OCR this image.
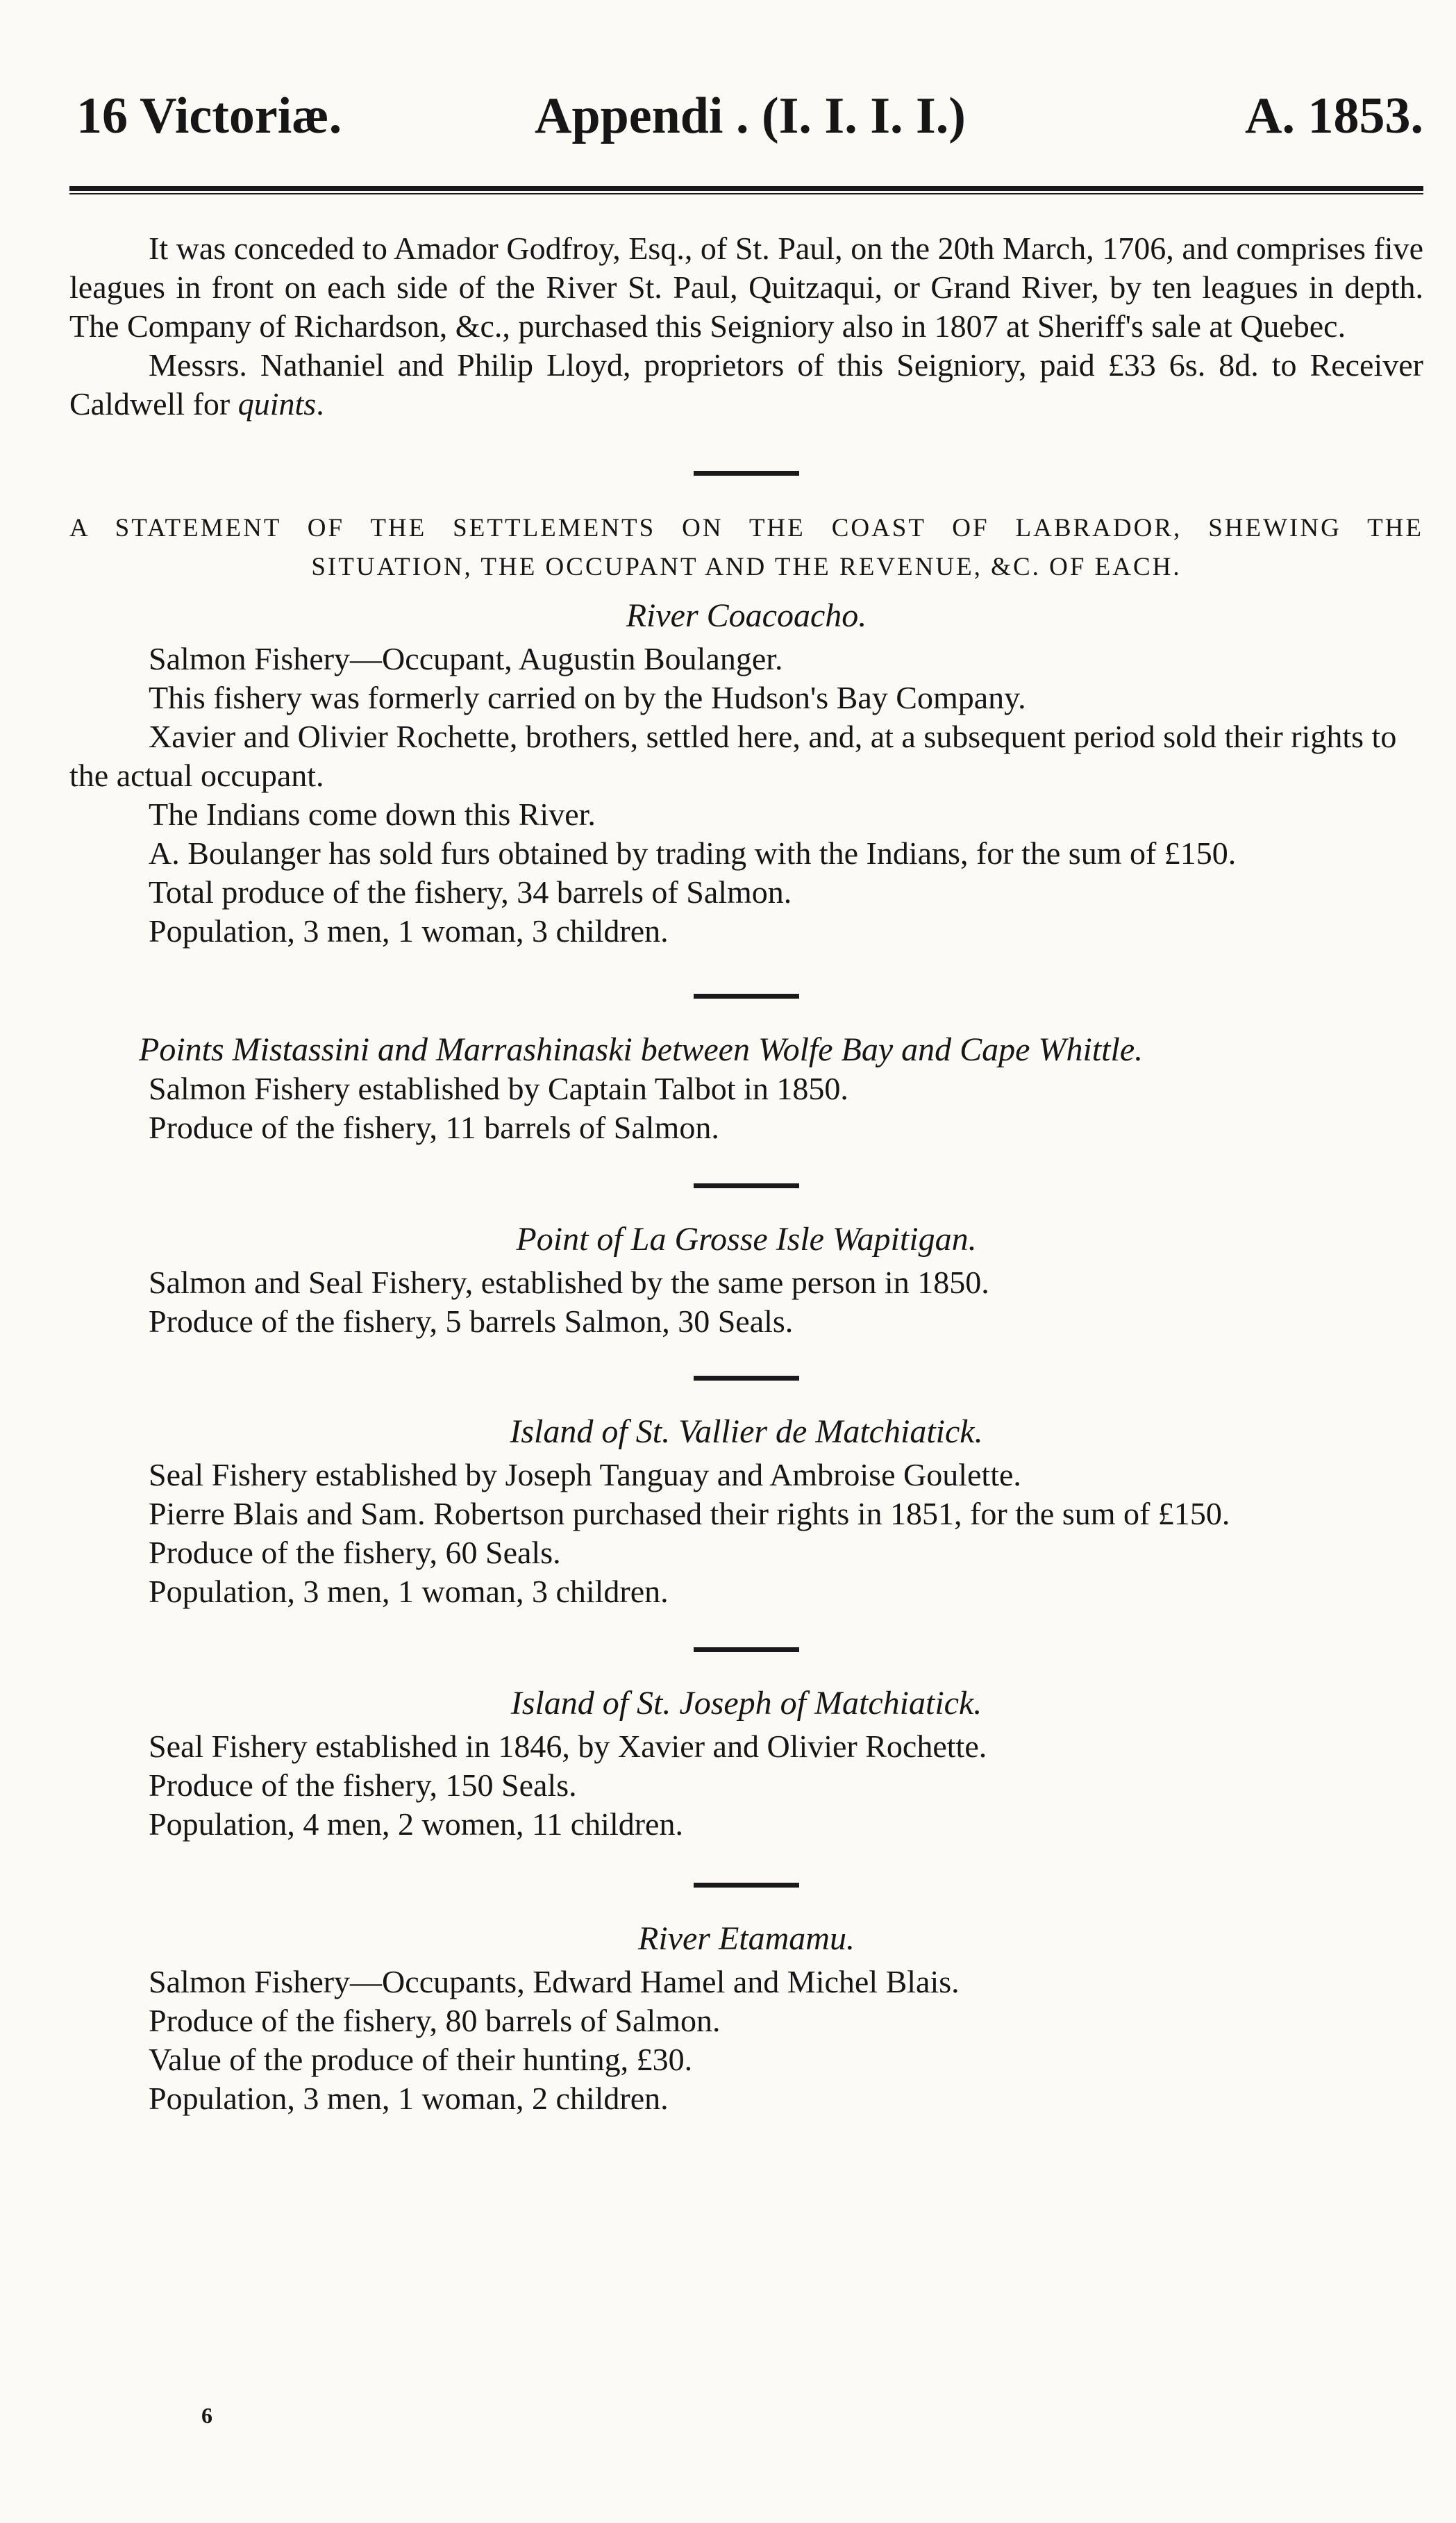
16 Victoriæ.	Appendi . (I. I. I. I.)	A. 1853.

It was conceded to Amador Godfroy, Esq., of St. Paul, on the 20th March, 1706, and comprises five leagues in front on each side of the River St. Paul, Quitzaqui, or Grand River, by ten leagues in depth. The Company of Richardson, &c., purchased this Seigniory also in 1807 at Sheriff's sale at Quebec.

Messrs. Nathaniel and Philip Lloyd, proprietors of this Seigniory, paid £33 6s. 8d. to Receiver Caldwell for quints.

A STATEMENT OF THE SETTLEMENTS ON THE COAST OF LABRADOR, SHEWING THE

SITUATION, THE OCCUPANT AND THE REVENUE, &C. OF EACH.

River Coacoacho.

Salmon Fishery—Occupant, Augustin Boulanger.

This fishery was formerly carried on by the Hudson's Bay Company.

Xavier and Olivier Rochette, brothers, settled here, and, at a subsequent period sold their rights to the actual occupant.

The Indians come down this River.

A. Boulanger has sold furs obtained by trading with the Indians, for the sum of £150.

Total produce of the fishery, 34 barrels of Salmon.

Population, 3 men, 1 woman, 3 children.

Points Mistassini and Marrashinaski between Wolfe Bay and Cape Whittle.

Salmon Fishery established by Captain Talbot in 1850.

Produce of the fishery, 11 barrels of Salmon.

Point of La Grosse Isle Wapitigan.

Salmon and Seal Fishery, established by the same person in 1850.

Produce of the fishery, 5 barrels Salmon, 30 Seals.

Island of St. Vallier de Matchiatick.

Seal Fishery established by Joseph Tanguay and Ambroise Goulette.

Pierre Blais and Sam. Robertson purchased their rights in 1851, for the sum of £150.

Produce of the fishery, 60 Seals.

Population, 3 men, 1 woman, 3 children.

Island of St. Joseph of Matchiatick.

Seal Fishery established in 1846, by Xavier and Olivier Rochette.

Produce of the fishery, 150 Seals.

Population, 4 men, 2 women, 11 children.

River Etamamu.

Salmon Fishery—Occupants, Edward Hamel and Michel Blais.

Produce of the fishery, 80 barrels of Salmon.

Value of the produce of their hunting, £30.

Population, 3 men, 1 woman, 2 children.

6
